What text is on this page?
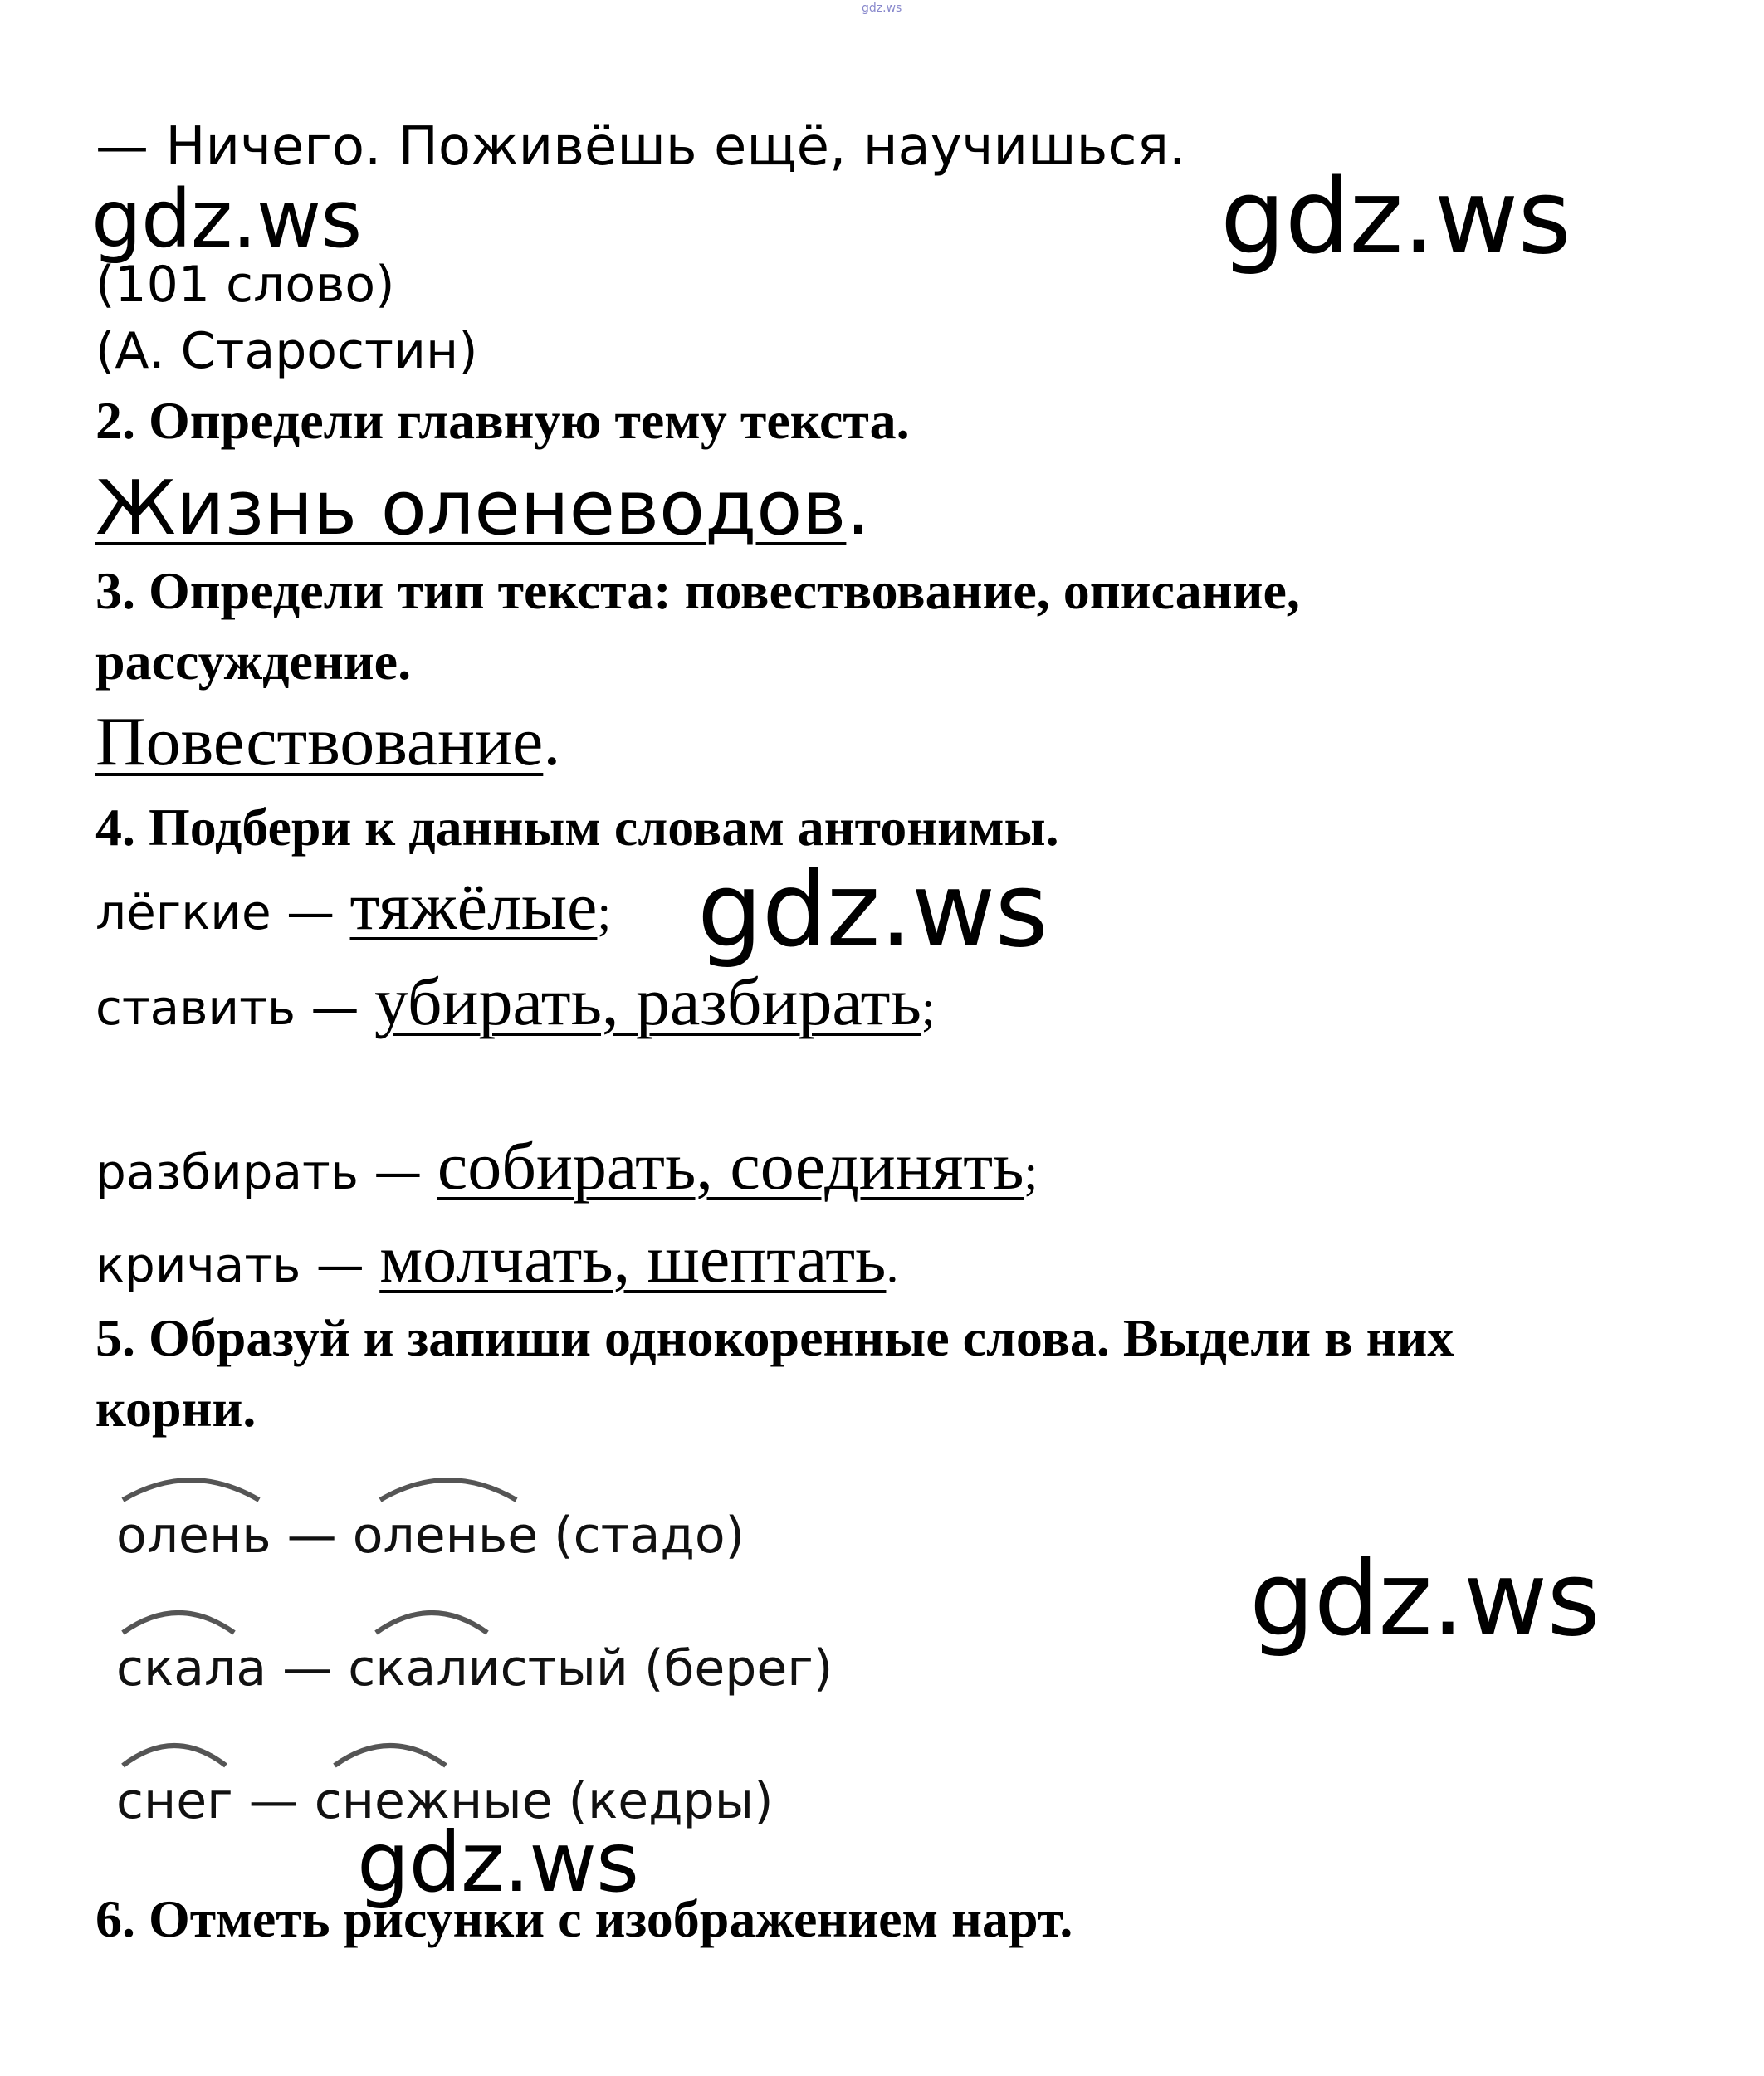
gdz.ws
— Ничего. Поживёшь ещё, научишься.
gdz.ws	gdz.ws
(101 слово)
(А. Старостин)
2. Определи главную тему текста.
Жизнь оленеводов.
3. Определи тип текста: повествование, описание,
рассуждение.
Повествование.
4. Подбери к данным словам антонимы.
лёгкие — тяжёлые; gdz.ws
ставить — убирать, разбирать;
разбирать — собирать, соединять;
кричать — молчать, шептать.
5. Образуй и запиши однокоренные слова. Выдели в них
корни.
олень — оленье (стадо)
скала — скалистый (берег)
снег — снежные (кедры)
gdz.ws
gdz.ws
6. Отметь рисунки с изображением нарт.
